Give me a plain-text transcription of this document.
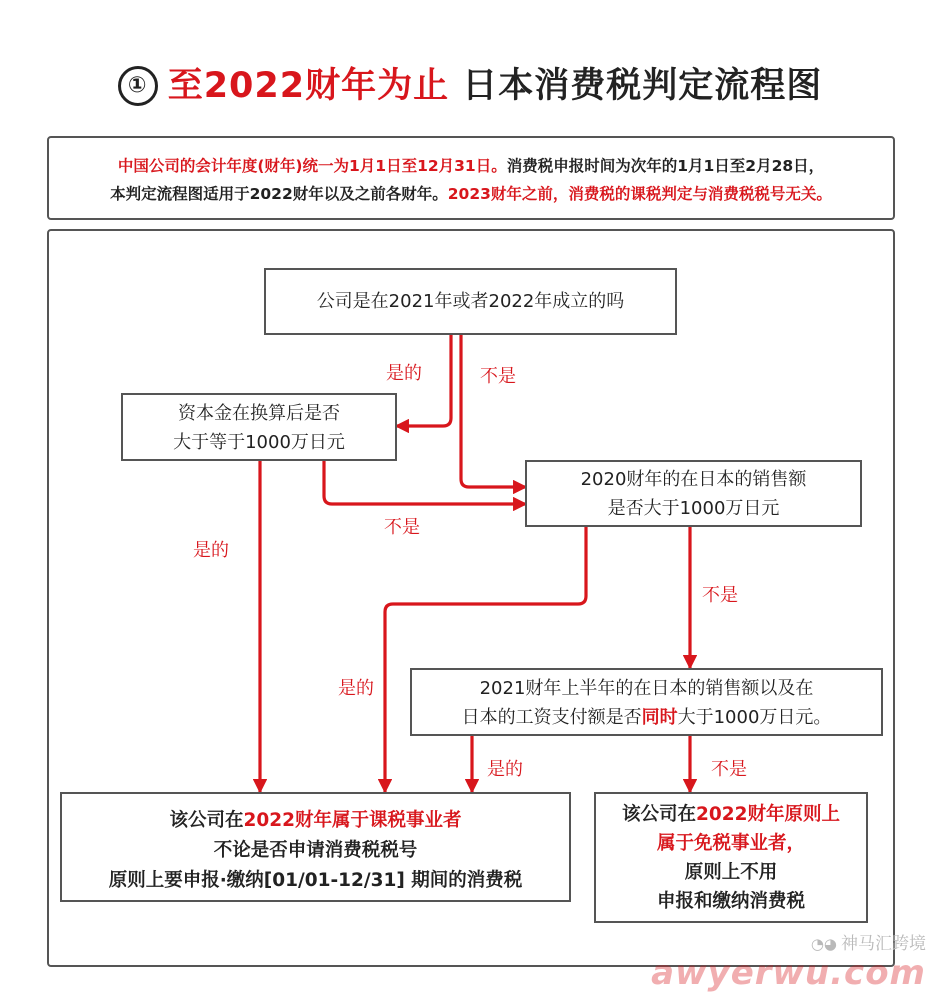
① 至2022财年为止 日本消费税判定流程图
中国公司的会计年度(财年)统一为1月1日至12月31日。消费税申报时间为次年的1月1日至2月28日，
本判定流程图适用于2022财年以及之前各财年。2023财年之前，消费税的课税判定与消费税税号无关。
公司是在2021年或者2022年成立的吗
资本金在换算后是否
大于等于1000万日元
2020财年的在日本的销售额
是否大于1000万日元
2021财年上半年的在日本的销售额以及在
日本的工资支付额是否同时大于1000万日元。
该公司在2022财年属于课税事业者
不论是否申请消费税税号
原则上要申报·缴纳[01/01-12/31] 期间的消费税
该公司在2022财年原则上
属于免税事业者，
原则上不用
申报和缴纳消费税
是的	不是
不是
是的
不是
是的
是的	不是
◔◕ 神马汇跨境
awyerwu.com
